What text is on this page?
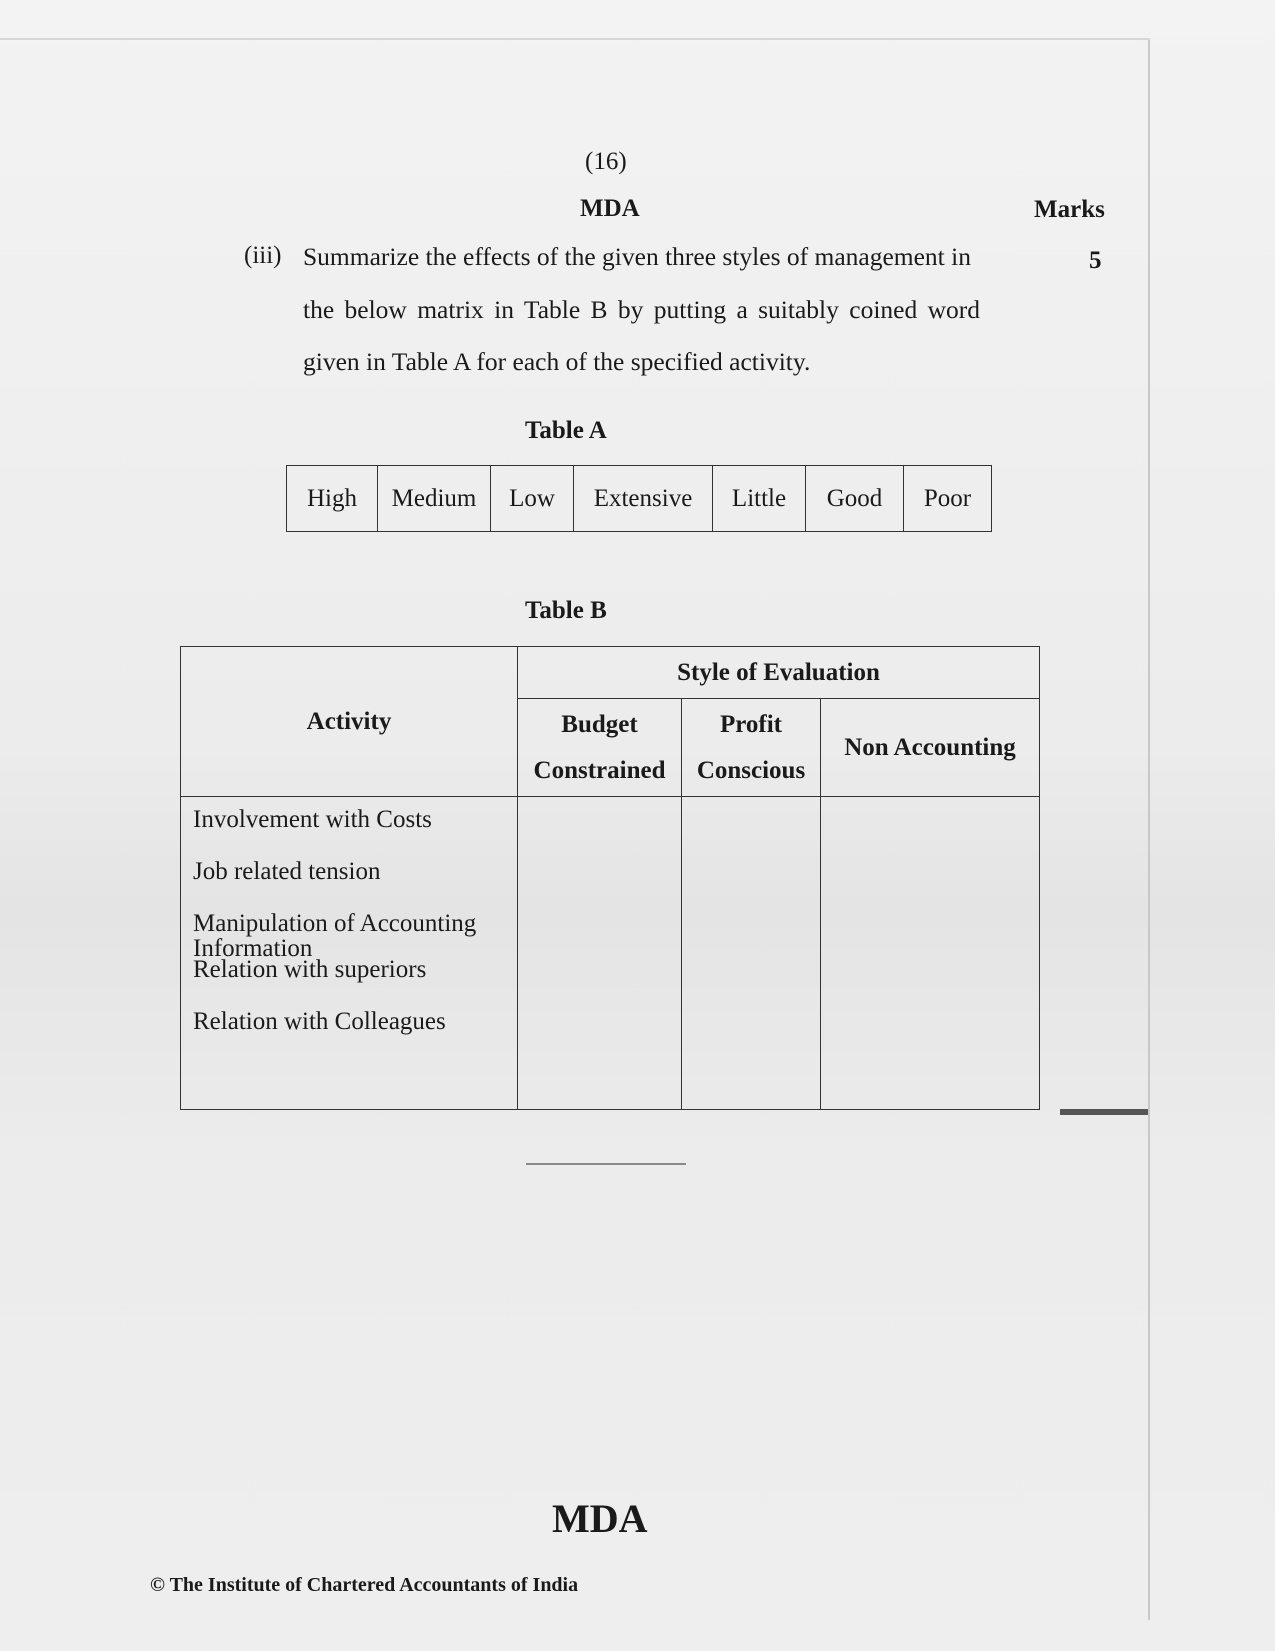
(16)
MDA	Marks
5
(iii) Summarize the effects of the given three styles of management in
the below matrix in Table B by putting a suitably coined word
given in Table A for each of the specified activity.
Table A
High	Medium	Low	Extensive	Little	Good	Poor
Table B
Activity	Style of Evaluation		
	Budget Constrained	Profit Conscious	Non Accounting

Involvement with Costs
Job related tension
Manipulation of Accounting Information
Relation with superiors
Relation with Colleagues			

MDA
© The Institute of Chartered Accountants of India
